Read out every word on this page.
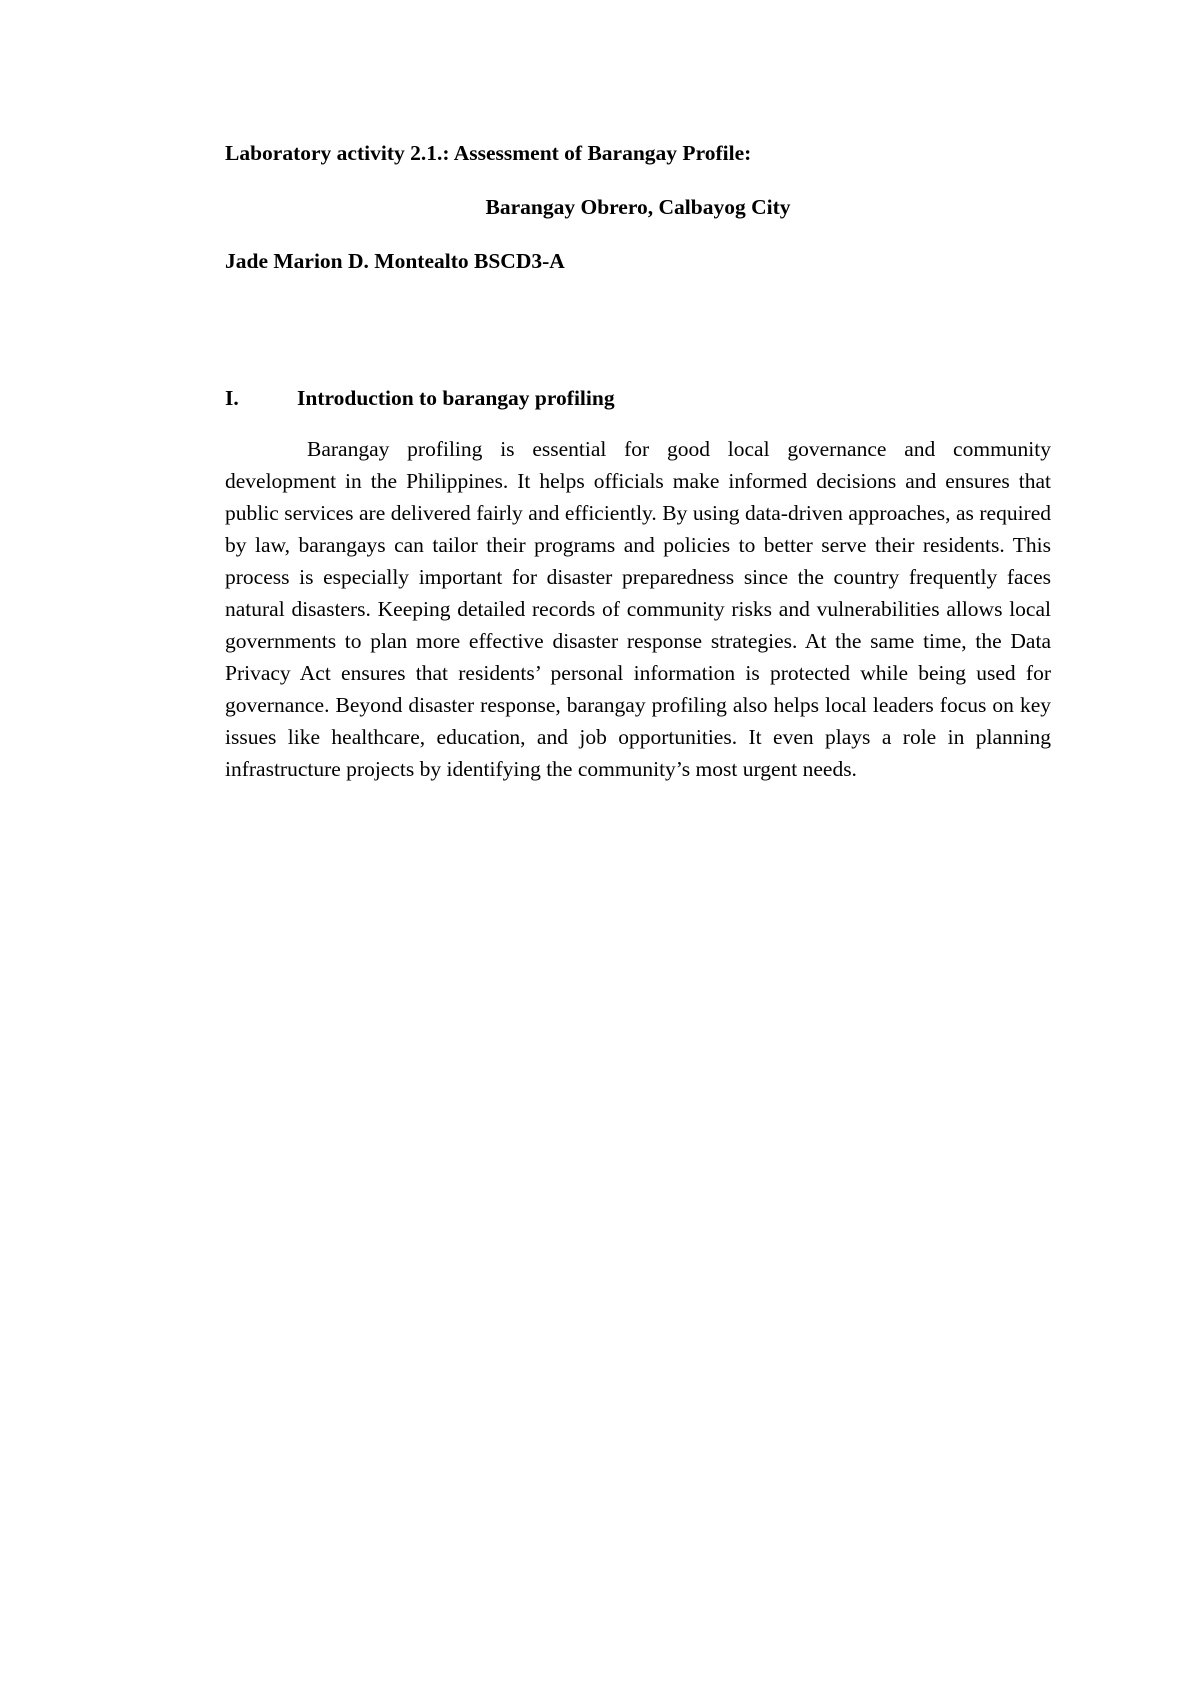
Laboratory activity 2.1.: Assessment of Barangay Profile:
Barangay Obrero, Calbayog City
Jade Marion D. Montealto BSCD3-A
I.	Introduction to barangay profiling

Barangay profiling is essential for good local governance and community development in the Philippines. It helps officials make informed decisions and ensures that public services are delivered fairly and efficiently. By using data-driven approaches, as required by law, barangays can tailor their programs and policies to better serve their residents. This process is especially important for disaster preparedness since the country frequently faces natural disasters. Keeping detailed records of community risks and vulnerabilities allows local governments to plan more effective disaster response strategies. At the same time, the Data Privacy Act ensures that residents’ personal information is protected while being used for governance. Beyond disaster response, barangay profiling also helps local leaders focus on key issues like healthcare, education, and job opportunities. It even plays a role in planning infrastructure projects by identifying the community’s most urgent needs.
